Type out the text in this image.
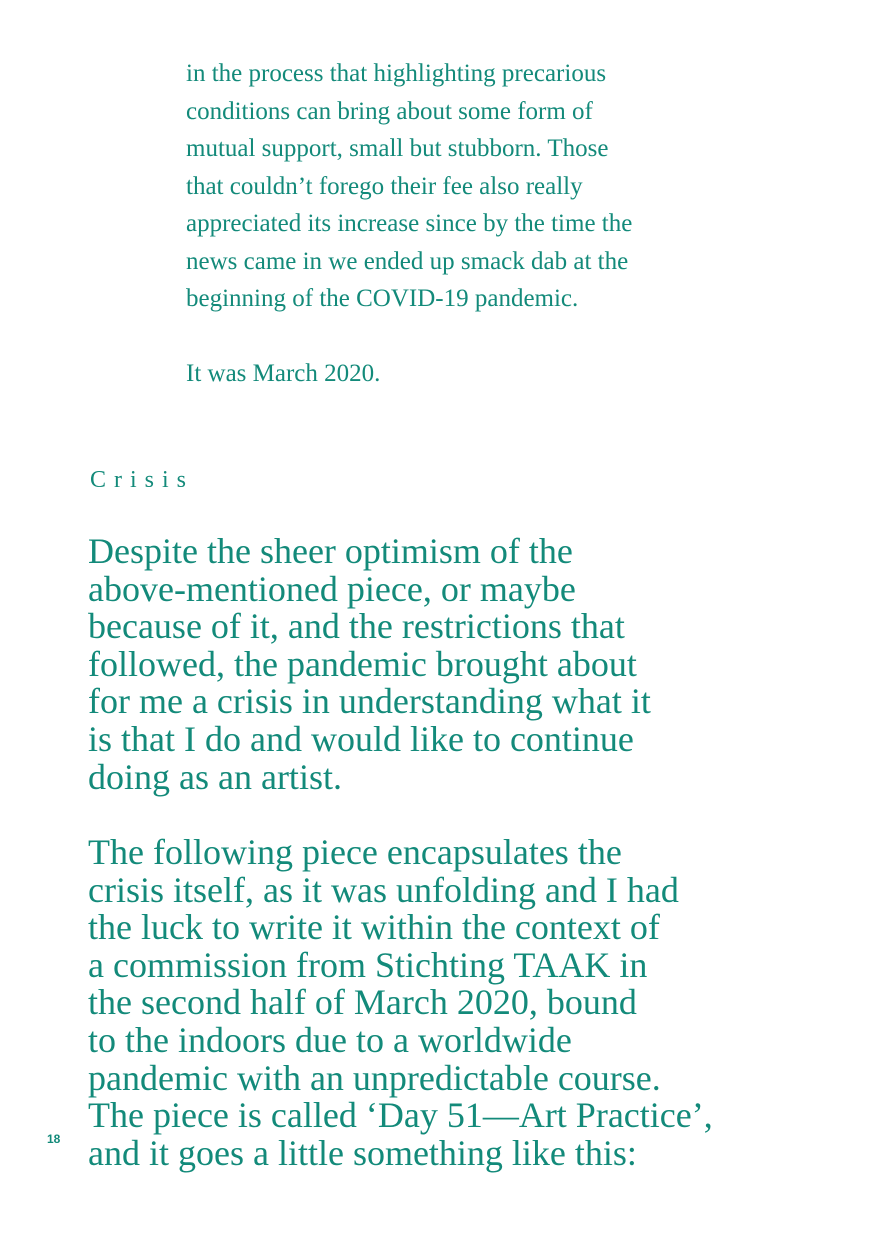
in the process that highlighting precarious
conditions can bring about some form of
mutual support, small but stubborn. Those
that couldn’t forego their fee also really
appreciated its increase since by the time the
news came in we ended up smack dab at the
beginning of the COVID-19 pandemic.
It was March 2020.
Crisis
Despite the sheer optimism of the
above-mentioned piece, or maybe
because of it, and the restrictions that
followed, the pandemic brought about
for me a crisis in understanding what it
is that I do and would like to continue
doing as an artist.
The following piece encapsulates the
crisis itself, as it was unfolding and I had
the luck to write it within the context of
a commission from Stichting TAAK in
the second half of March 2020, bound
to the indoors due to a worldwide
pandemic with an unpredictable course.
The piece is called ‘Day 51—Art Practice’,
and it goes a little something like this:
18
